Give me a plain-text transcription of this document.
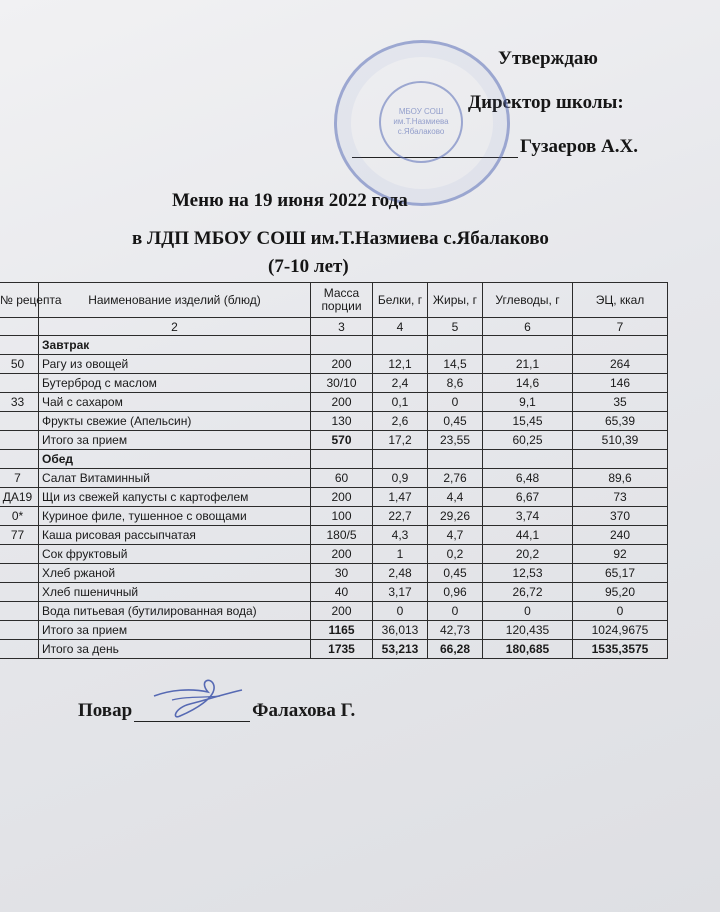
Утверждаю
Директор школы:
Гузаеров А.Х.
МБОУ СОШ
им.Т.Назмиева
с.Ябалаково
Меню на 19 июня 2022 года
в ЛДП МБОУ СОШ им.Т.Назмиева с.Ябалаково
(7-10 лет)
№ рецепта	Наименование изделий (блюд)	Масса порции	Белки, г	Жиры, г	Углеводы, г	ЭЦ, ккал
	2	3	4	5	6	7
	Завтрак					
50	Рагу из овощей	200	12,1	14,5	21,1	264
	Бутерброд с маслом	30/10	2,4	8,6	14,6	146
33	Чай с сахаром	200	0,1	0	9,1	35
	Фрукты свежие (Апельсин)	130	2,6	0,45	15,45	65,39
	Итого за прием	570	17,2	23,55	60,25	510,39
	Обед					
7	Салат Витаминный	60	0,9	2,76	6,48	89,6
ДА19	Щи из свежей капусты с картофелем	200	1,47	4,4	6,67	73
0*	Куриное филе, тушенное с овощами	100	22,7	29,26	3,74	370
77	Каша рисовая рассыпчатая	180/5	4,3	4,7	44,1	240
	Сок фруктовый	200	1	0,2	20,2	92
	Хлеб ржаной	30	2,48	0,45	12,53	65,17
	Хлеб пшеничный	40	3,17	0,96	26,72	95,20
	Вода питьевая (бутилированная вода)	200	0	0	0	0
	Итого за прием	1165	36,013	42,73	120,435	1024,9675
	Итого за день	1735	53,213	66,28	180,685	1535,3575
Повар	Фалахова Г.
